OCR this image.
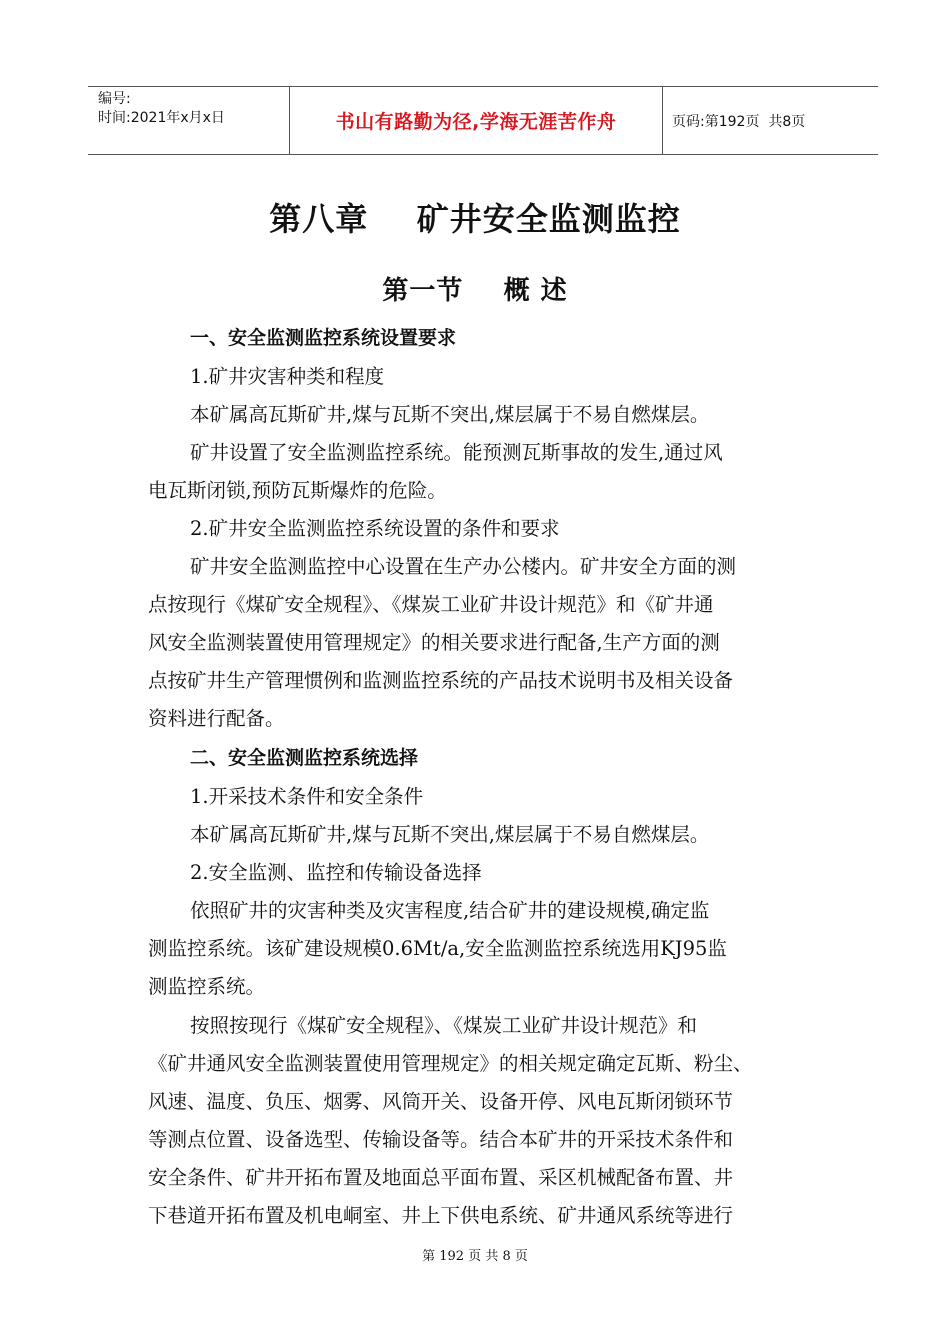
编号:
时间:2021年x月x日	书山有路勤为径,学海无涯苦作舟	页码:第192页  共8页
第八章    矿井安全监测监控
第一节    概 述
一、安全监测监控系统设置要求
1.矿井灾害种类和程度
本矿属高瓦斯矿井,煤与瓦斯不突出,煤层属于不易自燃煤层。
矿井设置了安全监测监控系统。能预测瓦斯事故的发生,通过风
电瓦斯闭锁,预防瓦斯爆炸的危险。
2.矿井安全监测监控系统设置的条件和要求
矿井安全监测监控中心设置在生产办公楼内。矿井安全方面的测
点按现行《煤矿安全规程》、《煤炭工业矿井设计规范》和《矿井通
风安全监测装置使用管理规定》的相关要求进行配备,生产方面的测
点按矿井生产管理惯例和监测监控系统的产品技术说明书及相关设备
资料进行配备。
二、安全监测监控系统选择
1.开采技术条件和安全条件
本矿属高瓦斯矿井,煤与瓦斯不突出,煤层属于不易自燃煤层。
2.安全监测、监控和传输设备选择
依照矿井的灾害种类及灾害程度,结合矿井的建设规模,确定监
测监控系统。该矿建设规模0.6Mt/a,安全监测监控系统选用KJ95监
测监控系统。
按照按现行《煤矿安全规程》、《煤炭工业矿井设计规范》和
《矿井通风安全监测装置使用管理规定》的相关规定确定瓦斯、粉尘、
风速、温度、负压、烟雾、风筒开关、设备开停、风电瓦斯闭锁环节
等测点位置、设备选型、传输设备等。结合本矿井的开采技术条件和
安全条件、矿井开拓布置及地面总平面布置、采区机械配备布置、井
下巷道开拓布置及机电峒室、井上下供电系统、矿井通风系统等进行
第 192 页 共 8 页
